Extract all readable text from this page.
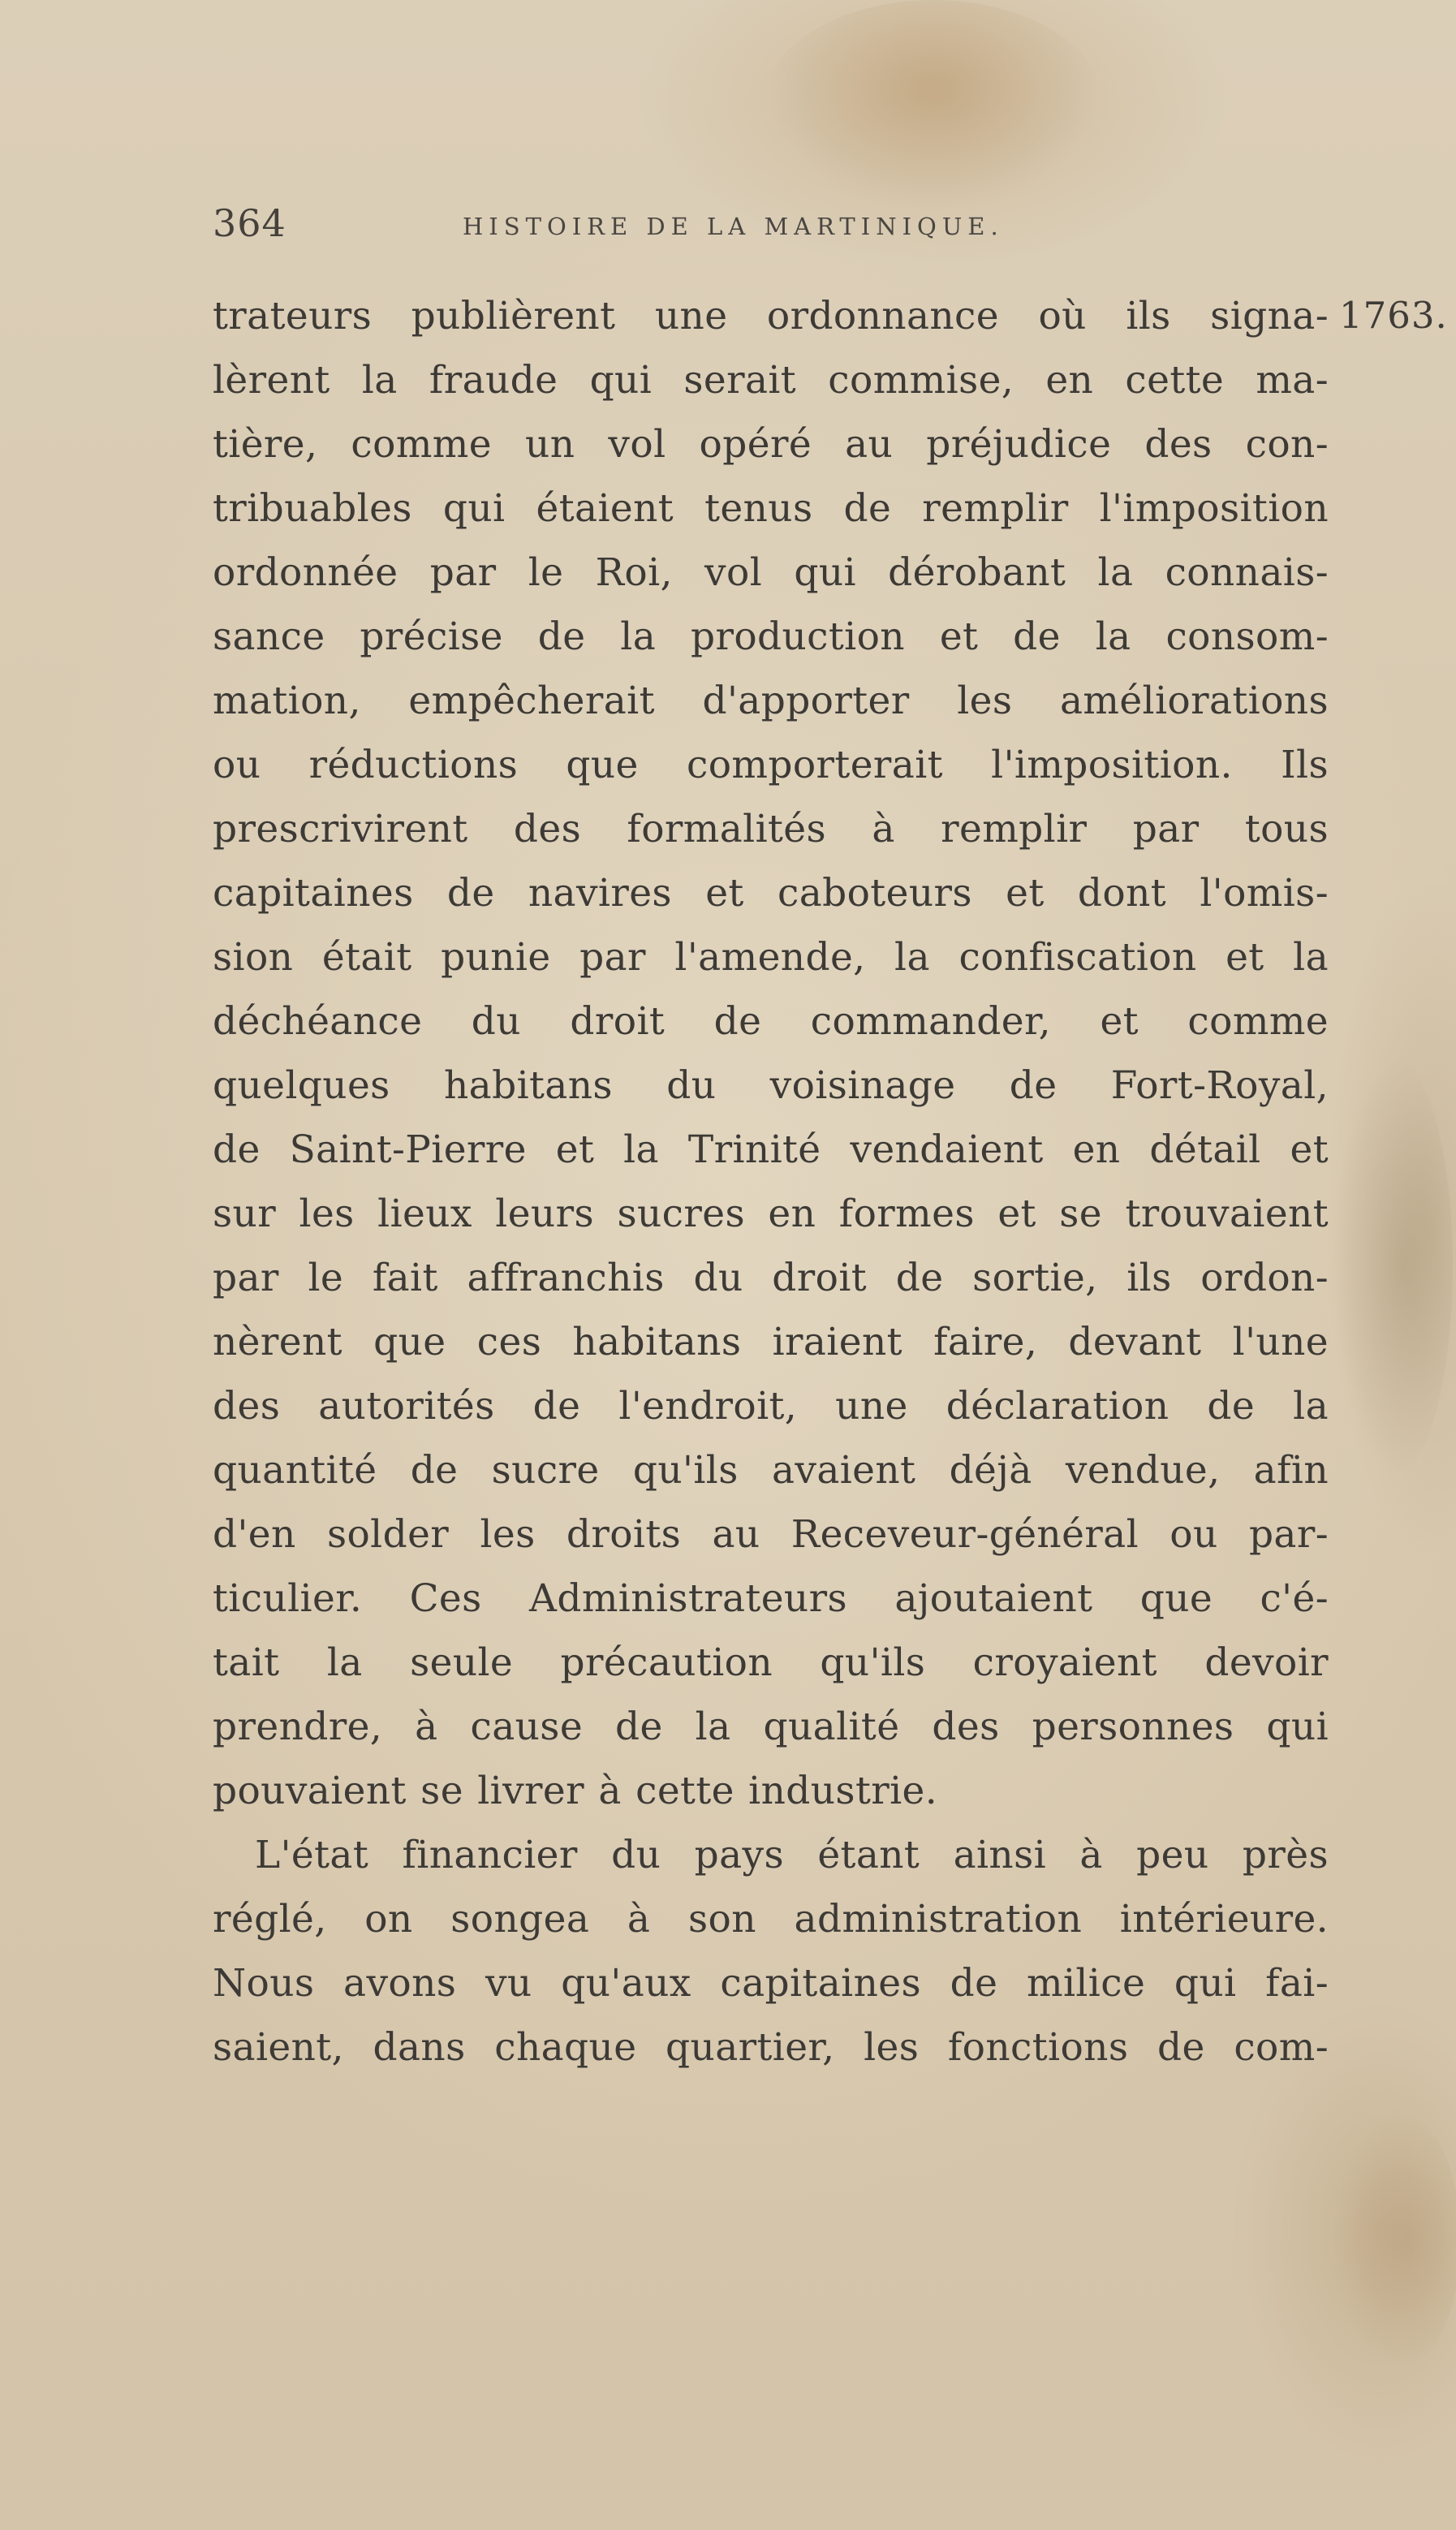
364	HISTOIRE DE LA MARTINIQUE.
1763.
trateurs publièrent une ordonnance où ils signa-
lèrent la fraude qui serait commise, en cette ma-
tière, comme un vol opéré au préjudice des con-
tribuables qui étaient tenus de remplir l'imposition
ordonnée par le Roi, vol qui dérobant la connais-
sance précise de la production et de la consom-
mation, empêcherait d'apporter les améliorations
ou réductions que comporterait l'imposition. Ils
prescrivirent des formalités à remplir par tous
capitaines de navires et caboteurs et dont l'omis-
sion était punie par l'amende, la confiscation et la
déchéance du droit de commander, et comme
quelques habitans du voisinage de Fort-Royal,
de Saint-Pierre et la Trinité vendaient en détail et
sur les lieux leurs sucres en formes et se trouvaient
par le fait affranchis du droit de sortie, ils ordon-
nèrent que ces habitans iraient faire, devant l'une
des autorités de l'endroit, une déclaration de la
quantité de sucre qu'ils avaient déjà vendue, afin
d'en solder les droits au Receveur-général ou par-
ticulier. Ces Administrateurs ajoutaient que c'é-
tait la seule précaution qu'ils croyaient devoir
prendre, à cause de la qualité des personnes qui
pouvaient se livrer à cette industrie.
L'état financier du pays étant ainsi à peu près
réglé, on songea à son administration intérieure.
Nous avons vu qu'aux capitaines de milice qui fai-
saient, dans chaque quartier, les fonctions de com-
